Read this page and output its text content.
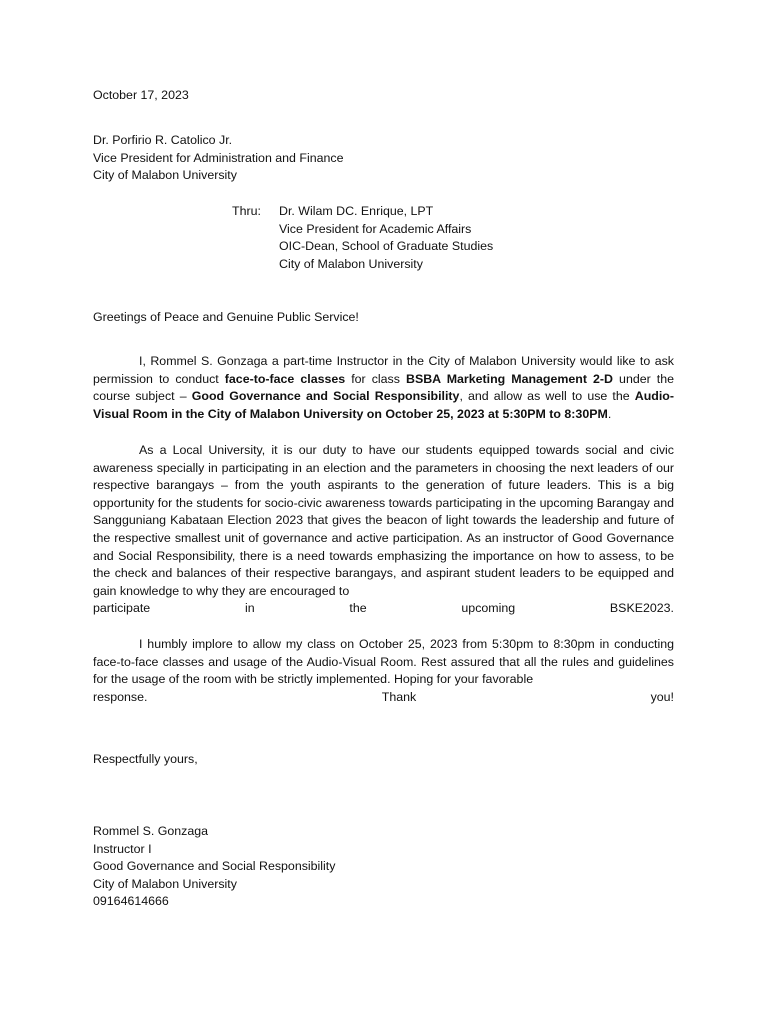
October 17, 2023
Dr. Porfirio R. Catolico Jr.
Vice President for Administration and Finance
City of Malabon University
Thru: Dr. Wilam DC. Enrique, LPT
Vice President for Academic Affairs
OIC-Dean, School of Graduate Studies
City of Malabon University
Greetings of Peace and Genuine Public Service!
I, Rommel S. Gonzaga a part-time Instructor in the City of Malabon University would like to ask permission to conduct face-to-face classes for class BSBA Marketing Management 2-D under the course subject – Good Governance and Social Responsibility, and allow as well to use the Audio-Visual Room in the City of Malabon University on October 25, 2023 at 5:30PM to 8:30PM.
As a Local University, it is our duty to have our students equipped towards social and civic awareness specially in participating in an election and the parameters in choosing the next leaders of our respective barangays – from the youth aspirants to the generation of future leaders. This is a big opportunity for the students for socio-civic awareness towards participating in the upcoming Barangay and Sangguniang Kabataan Election 2023 that gives the beacon of light towards the leadership and future of the respective smallest unit of governance and active participation. As an instructor of Good Governance and Social Responsibility, there is a need towards emphasizing the importance on how to assess, to be the check and balances of their respective barangays, and aspirant student leaders to be equipped and gain knowledge to why they are encouraged to
participate	in	the	upcoming	BSKE2023.
I humbly implore to allow my class on October 25, 2023 from 5:30pm to 8:30pm in conducting face-to-face classes and usage of the Audio-Visual Room. Rest assured that all the rules and guidelines for the usage of the room with be strictly implemented. Hoping for your favorable
response.	Thank	you!
Respectfully yours,
Rommel S. Gonzaga
Instructor I
Good Governance and Social Responsibility
City of Malabon University
09164614666
